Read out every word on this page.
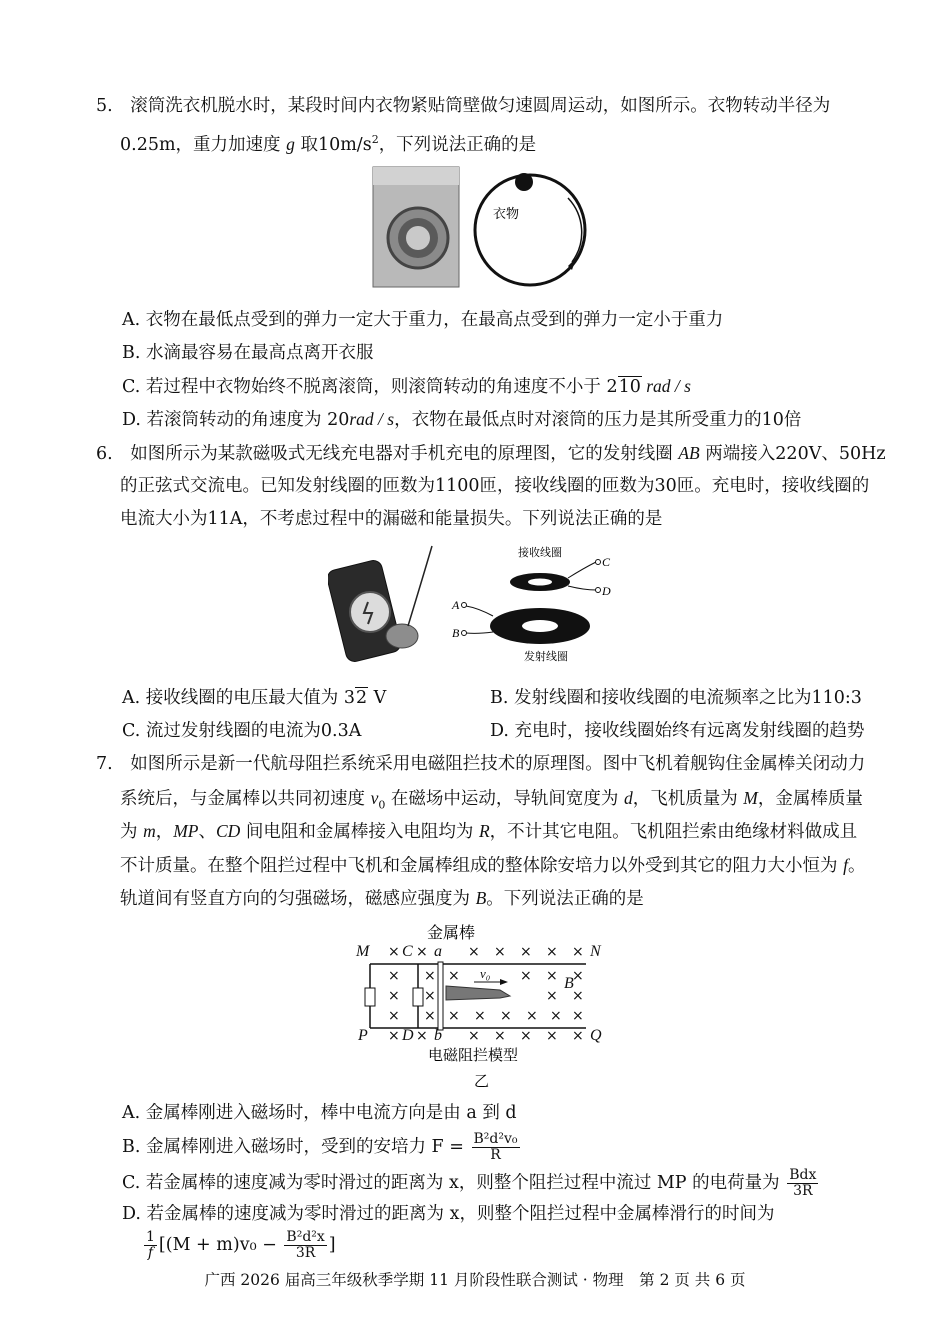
5. 滚筒洗衣机脱水时，某段时间内衣物紧贴筒壁做匀速圆周运动，如图所示。衣物转动半径为
0.25m，重力加速度 g 取$10m/s^2$，下列说法正确的是
衣物
A. 衣物在最低点受到的弹力一定大于重力，在最高点受到的弹力一定小于重力
B. 水滴最容易在最高点离开衣服
C. 若过程中衣物始终不脱离滚筒，则滚筒转动的角速度不小于 210 rad / s
D. 若滚筒转动的角速度为 20rad / s，衣物在最低点时对滚筒的压力是其所受重力的10倍
6. 如图所示为某款磁吸式无线充电器对手机充电的原理图，它的发射线圈 AB 两端接入220V、50Hz
的正弦式交流电。已知发射线圈的匝数为1100匝，接收线圈的匝数为30匝。充电时，接收线圈的
电流大小为11A，不考虑过程中的漏磁和能量损失。下列说法正确的是
接收线圈
发射线圈
C
D
A
B
A. 接收线圈的电压最大值为 32 V	B. 发射线圈和接收线圈的电流频率之比为110:3
C. 流过发射线圈的电流为0.3A	D. 充电时，接收线圈始终有远离发射线圈的趋势
7. 如图所示是新一代航母阻拦系统采用电磁阻拦技术的原理图。图中飞机着舰钩住金属棒关闭动力
系统后，与金属棒以共同初速度 $v_0$ 在磁场中运动，导轨间宽度为 d，飞机质量为 M，金属棒质量
为 m，MP、CD 间电阻和金属棒接入电阻均为 R，不计其它电阻。飞机阻拦索由绝缘材料做成且
不计质量。在整个阻拦过程中飞机和金属棒组成的整体除安培力以外受到其它的阻力大小恒为 f。
轨道间有竖直方向的匀强磁场，磁感应强度为 B。下列说法正确的是
金属棒
× ×	× × × × ×
× × ×	× × ×
× ×	× ×
× × × × × × × ×
× ×	× × × × ×
M C a	N
P D b	Q
B
v₀
电磁阻拦模型
乙
A. 金属棒刚进入磁场时，棒中电流方向是由 a 到 d
B. 金属棒刚进入磁场时，受到的安培力 $F = \frac{\text{B²d²v₀}}{R}$
C. 若金属棒的速度减为零时滑过的距离为 x，则整个阻拦过程中流过 MP 的电荷量为 $\frac{\text{Bdx}}{3R}$
D. 若金属棒的速度减为零时滑过的距离为 x，则整个阻拦过程中金属棒滑行的时间为
$\frac{1}{f} [(M + m)v_0 - \frac{\text{B²d²x}}{3R}$ ]
广西 2026 届高三年级秋季学期 11 月阶段性联合测试 · 物理　第 2 页 共 6 页
